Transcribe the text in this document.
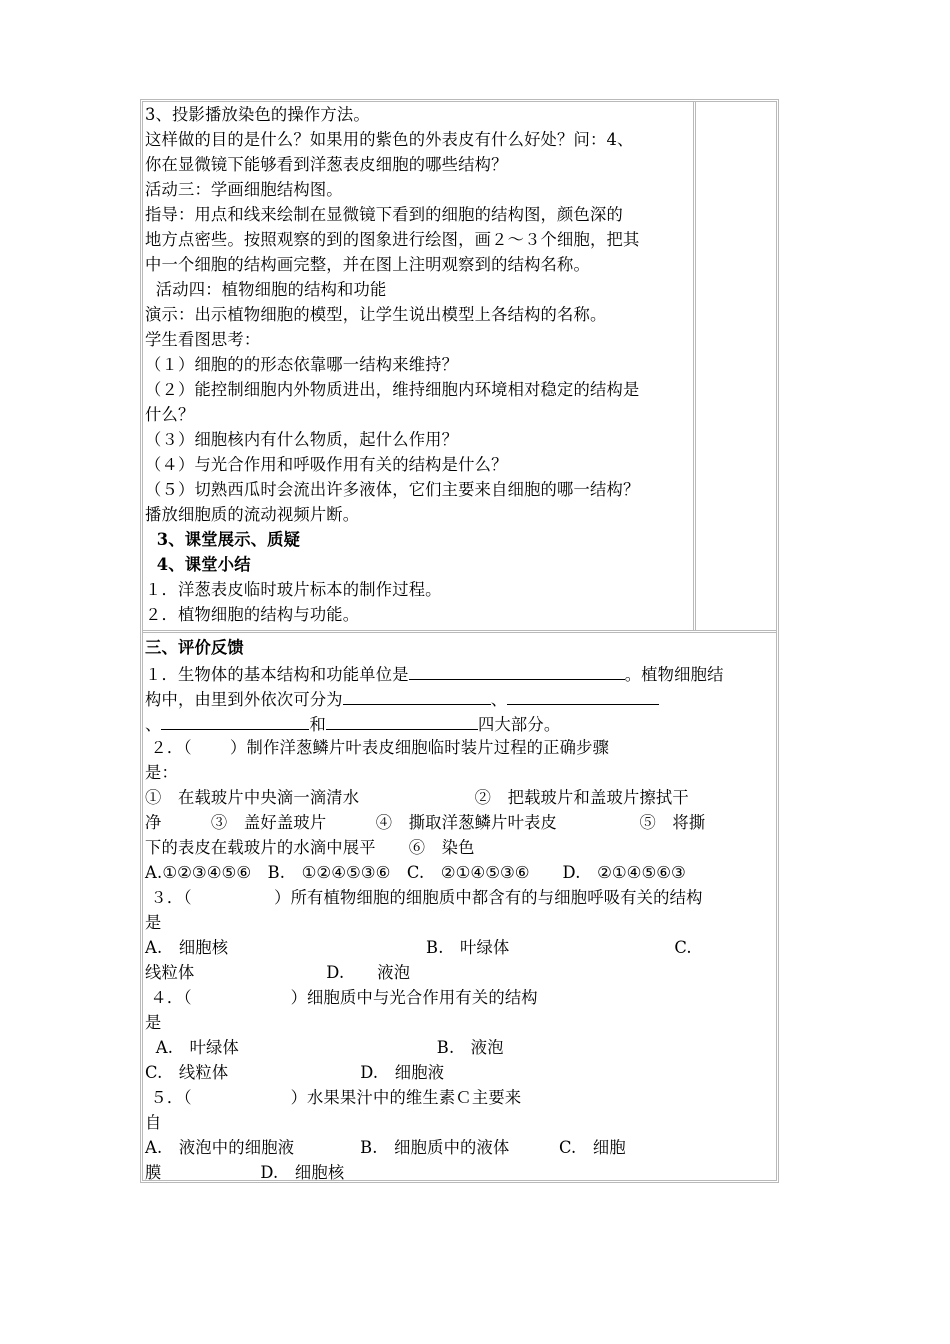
3、投影播放染色的操作方法。
这样做的目的是什么？如果用的紫色的外表皮有什么好处？问：4、
你在显微镜下能够看到洋葱表皮细胞的哪些结构？
活动三：学画细胞结构图。
指导：用点和线来绘制在显微镜下看到的细胞的结构图，颜色深的
地方点密些。按照观察的到的图象进行绘图，画２～３个细胞，把其
中一个细胞的结构画完整，并在图上注明观察到的结构名称。
活动四：植物细胞的结构和功能
演示：出示植物细胞的模型，让学生说出模型上各结构的名称。
学生看图思考：
（１）细胞的的形态依靠哪一结构来维持？
（２）能控制细胞内外物质进出，维持细胞内环境相对稳定的结构是
什么？
（３）细胞核内有什么物质，起什么作用？
（４）与光合作用和呼吸作用有关的结构是什么？
（５）切熟西瓜时会流出许多液体，它们主要来自细胞的哪一结构？
播放细胞质的流动视频片断。
3、课堂展示、质疑
4、课堂小结
１．洋葱表皮临时玻片标本的制作过程。
２．植物细胞的结构与功能。
三、评价反馈
１．生物体的基本结构和功能单位是	。植物细胞结
构中，由里到外依次可分为	、
、	和	四大部分。
２．（　　 ）制作洋葱鳞片叶表皮细胞临时装片过程的正确步骤
是：
①　在载玻片中央滴一滴清水　　　　　　　②　把载玻片和盖玻片擦拭干
净　　　③　盖好盖玻片　　　④　撕取洋葱鳞片叶表皮　　　　　⑤　将撕
下的表皮在载玻片的水滴中展平　　⑥　染色
A.①②③④⑤⑥　B.　①②④⑤③⑥　C.　②①④⑤③⑥　　D.　②①④⑤⑥③
３．（　　　　　）所有植物细胞的细胞质中都含有的与细胞呼吸有关的结构
是
A.　细胞核　　　　　　　　　　　　B.　叶绿体　　　　　　　　　　C.
线粒体　　　　　　　　D.　　液泡
４．（　　　　　　）细胞质中与光合作用有关的结构
是
A.　叶绿体　　　　　　　　　　　　B.　液泡
C.　线粒体　　　　　　　　D.　细胞液
５．（　　　　　　）水果果汁中的维生素Ｃ主要来
自
A.　液泡中的细胞液　　　　B.　细胞质中的液体　　　C.　细胞
膜　　　　　　D.　细胞核
